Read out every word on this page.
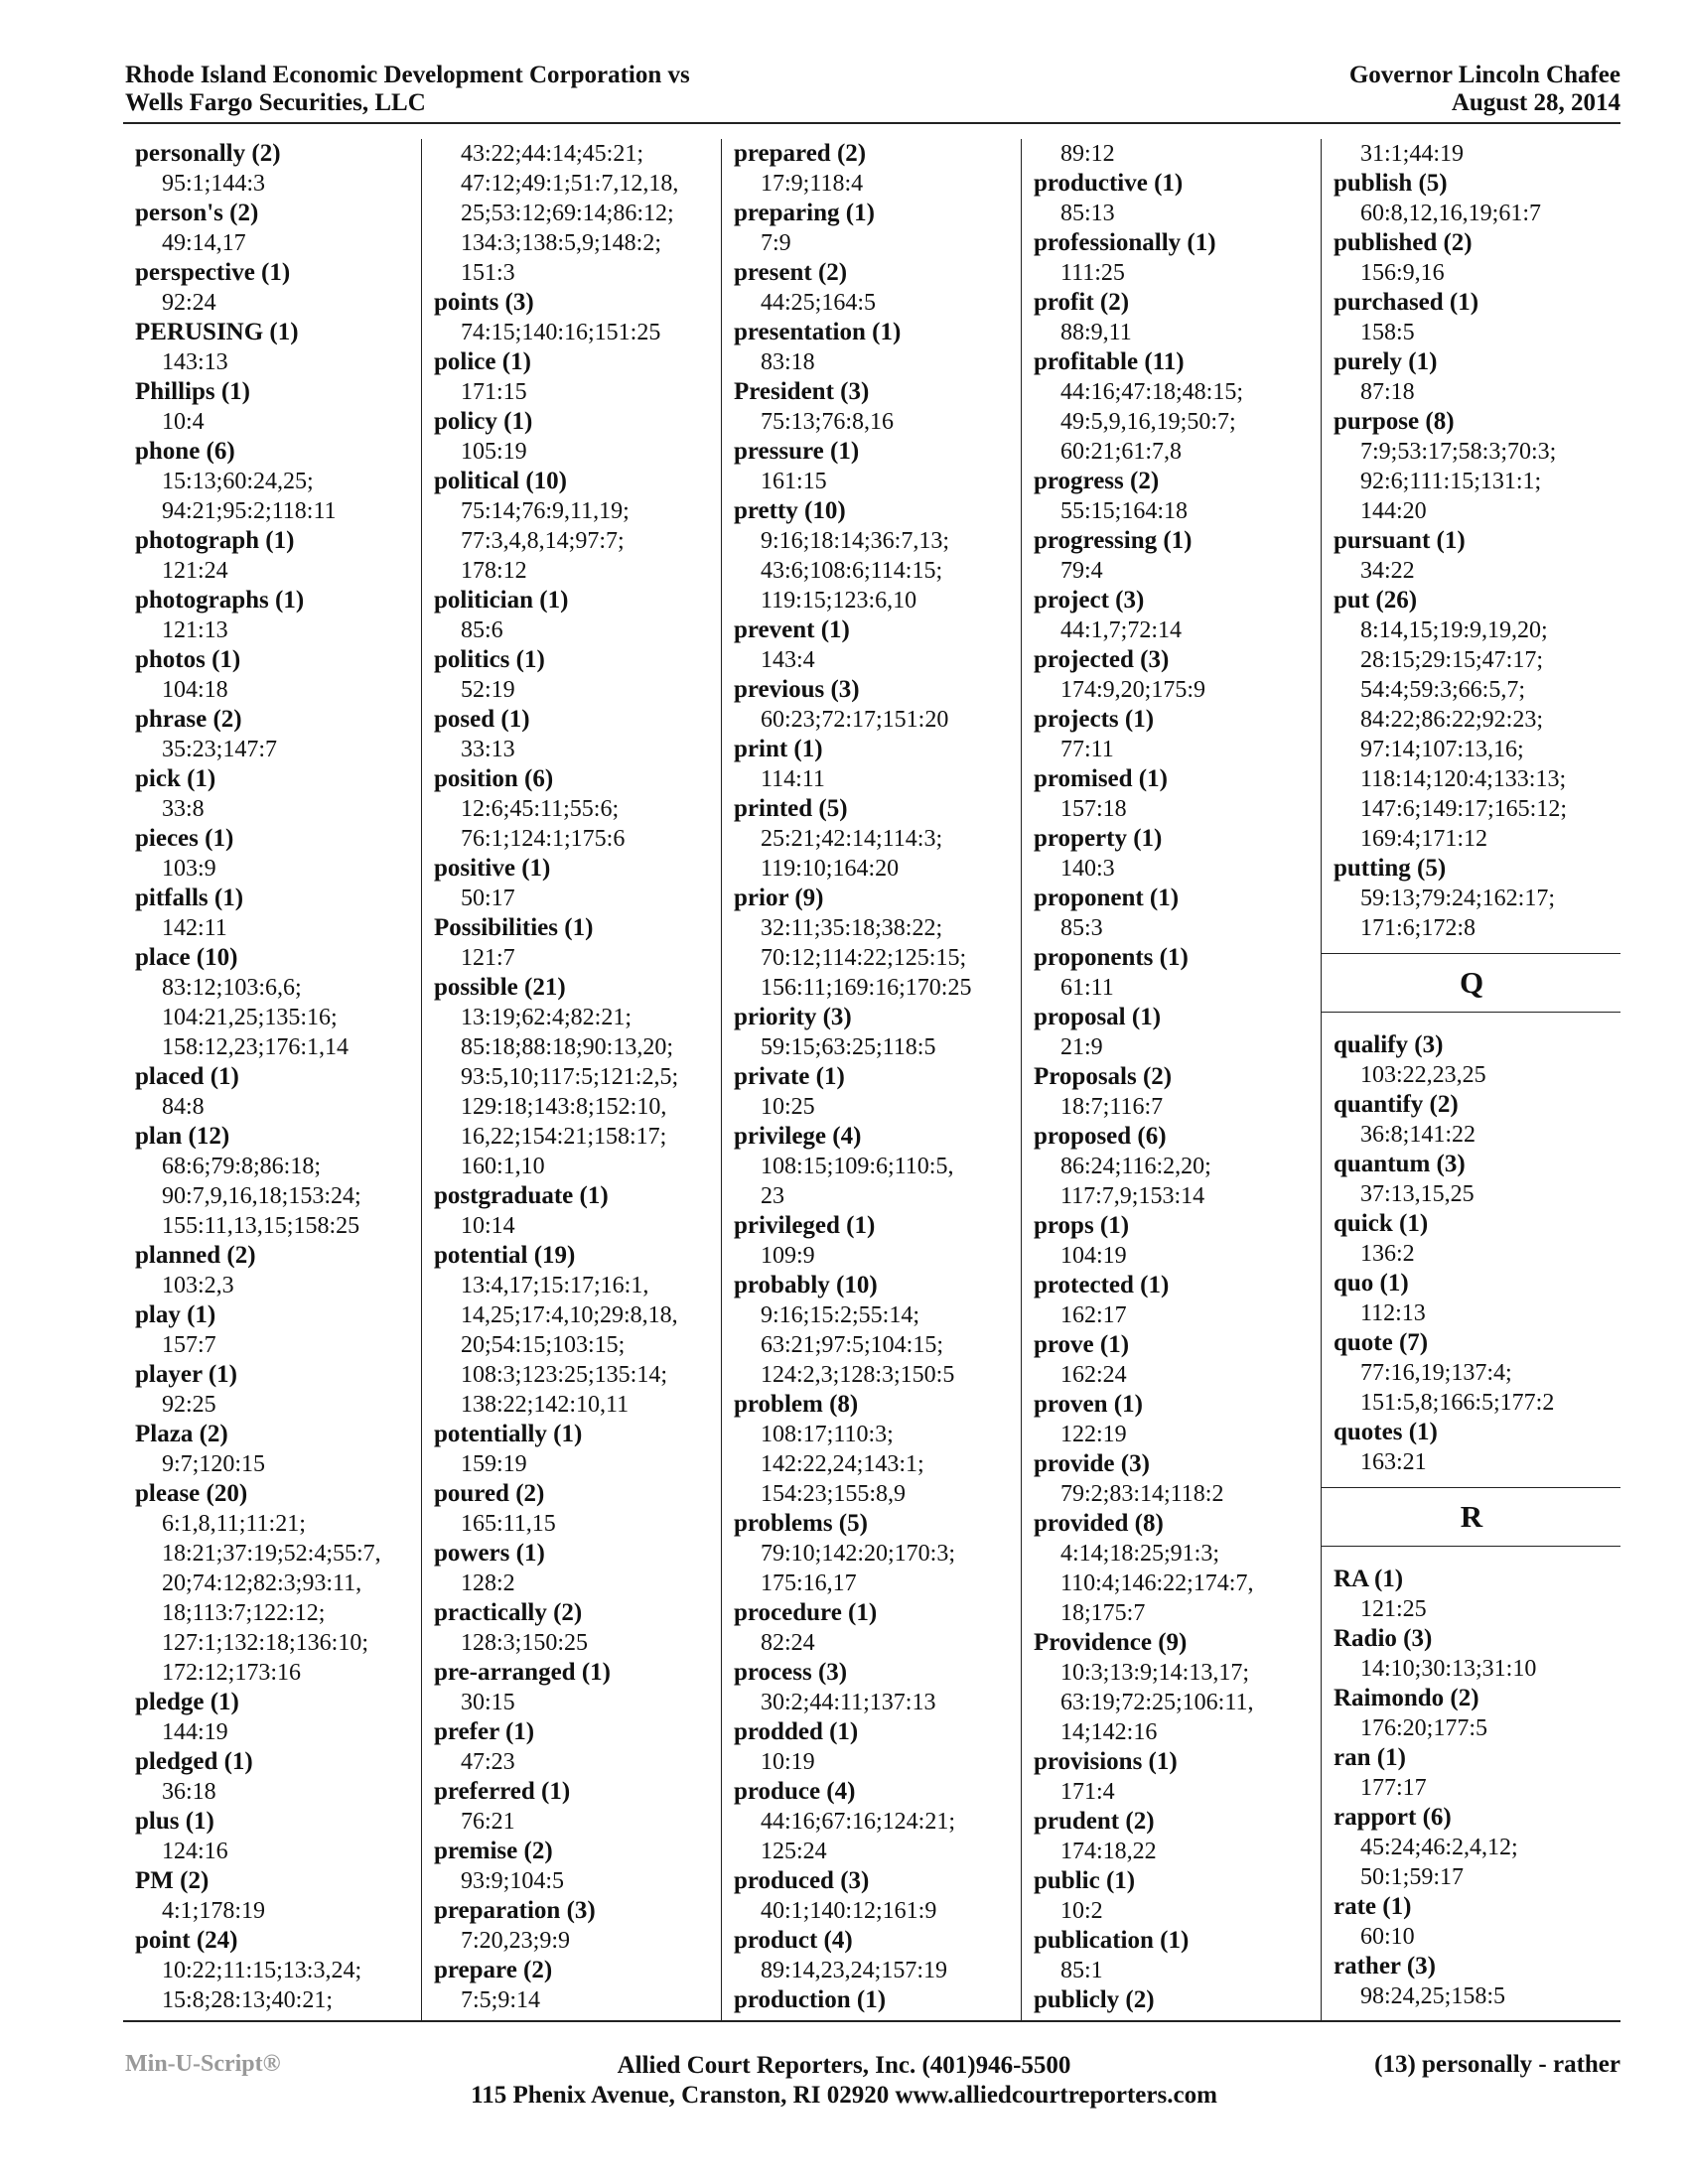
Rhode Island Economic Development Corporation vs
Wells Fargo Securities, LLC
Governor Lincoln Chafee
August 28, 2014
personally (2)
95:1;144:3
person's (2)
49:14,17
perspective (1)
92:24
PERUSING (1)
143:13
Phillips (1)
10:4
phone (6)
15:13;60:24,25;
94:21;95:2;118:11
photograph (1)
121:24
photographs (1)
121:13
photos (1)
104:18
phrase (2)
35:23;147:7
pick (1)
33:8
pieces (1)
103:9
pitfalls (1)
142:11
place (10)
83:12;103:6,6;
104:21,25;135:16;
158:12,23;176:1,14
placed (1)
84:8
plan (12)
68:6;79:8;86:18;
90:7,9,16,18;153:24;
155:11,13,15;158:25
planned (2)
103:2,3
play (1)
157:7
player (1)
92:25
Plaza (2)
9:7;120:15
please (20)
6:1,8,11;11:21;
18:21;37:19;52:4;55:7,
20;74:12;82:3;93:11,
18;113:7;122:12;
127:1;132:18;136:10;
172:12;173:16
pledge (1)
144:19
pledged (1)
36:18
plus (1)
124:16
PM (2)
4:1;178:19
point (24)
10:22;11:15;13:3,24;
15:8;28:13;40:21;
43:22;44:14;45:21;
47:12;49:1;51:7,12,18,
25;53:12;69:14;86:12;
134:3;138:5,9;148:2;
151:3
points (3)
74:15;140:16;151:25
police (1)
171:15
policy (1)
105:19
political (10)
75:14;76:9,11,19;
77:3,4,8,14;97:7;
178:12
politician (1)
85:6
politics (1)
52:19
posed (1)
33:13
position (6)
12:6;45:11;55:6;
76:1;124:1;175:6
positive (1)
50:17
Possibilities (1)
121:7
possible (21)
13:19;62:4;82:21;
85:18;88:18;90:13,20;
93:5,10;117:5;121:2,5;
129:18;143:8;152:10,
16,22;154:21;158:17;
160:1,10
postgraduate (1)
10:14
potential (19)
13:4,17;15:17;16:1,
14,25;17:4,10;29:8,18,
20;54:15;103:15;
108:3;123:25;135:14;
138:22;142:10,11
potentially (1)
159:19
poured (2)
165:11,15
powers (1)
128:2
practically (2)
128:3;150:25
pre-arranged (1)
30:15
prefer (1)
47:23
preferred (1)
76:21
premise (2)
93:9;104:5
preparation (3)
7:20,23;9:9
prepare (2)
7:5;9:14
prepared (2)
17:9;118:4
preparing (1)
7:9
present (2)
44:25;164:5
presentation (1)
83:18
President (3)
75:13;76:8,16
pressure (1)
161:15
pretty (10)
9:16;18:14;36:7,13;
43:6;108:6;114:15;
119:15;123:6,10
prevent (1)
143:4
previous (3)
60:23;72:17;151:20
print (1)
114:11
printed (5)
25:21;42:14;114:3;
119:10;164:20
prior (9)
32:11;35:18;38:22;
70:12;114:22;125:15;
156:11;169:16;170:25
priority (3)
59:15;63:25;118:5
private (1)
10:25
privilege (4)
108:15;109:6;110:5,
23
privileged (1)
109:9
probably (10)
9:16;15:2;55:14;
63:21;97:5;104:15;
124:2,3;128:3;150:5
problem (8)
108:17;110:3;
142:22,24;143:1;
154:23;155:8,9
problems (5)
79:10;142:20;170:3;
175:16,17
procedure (1)
82:24
process (3)
30:2;44:11;137:13
prodded (1)
10:19
produce (4)
44:16;67:16;124:21;
125:24
produced (3)
40:1;140:12;161:9
product (4)
89:14,23,24;157:19
production (1)
89:12
productive (1)
85:13
professionally (1)
111:25
profit (2)
88:9,11
profitable (11)
44:16;47:18;48:15;
49:5,9,16,19;50:7;
60:21;61:7,8
progress (2)
55:15;164:18
progressing (1)
79:4
project (3)
44:1,7;72:14
projected (3)
174:9,20;175:9
projects (1)
77:11
promised (1)
157:18
property (1)
140:3
proponent (1)
85:3
proponents (1)
61:11
proposal (1)
21:9
Proposals (2)
18:7;116:7
proposed (6)
86:24;116:2,20;
117:7,9;153:14
props (1)
104:19
protected (1)
162:17
prove (1)
162:24
proven (1)
122:19
provide (3)
79:2;83:14;118:2
provided (8)
4:14;18:25;91:3;
110:4;146:22;174:7,
18;175:7
Providence (9)
10:3;13:9;14:13,17;
63:19;72:25;106:11,
14;142:16
provisions (1)
171:4
prudent (2)
174:18,22
public (1)
10:2
publication (1)
85:1
publicly (2)
31:1;44:19
publish (5)
60:8,12,16,19;61:7
published (2)
156:9,16
purchased (1)
158:5
purely (1)
87:18
purpose (8)
7:9;53:17;58:3;70:3;
92:6;111:15;131:1;
144:20
pursuant (1)
34:22
put (26)
8:14,15;19:9,19,20;
28:15;29:15;47:17;
54:4;59:3;66:5,7;
84:22;86:22;92:23;
97:14;107:13,16;
118:14;120:4;133:13;
147:6;149:17;165:12;
169:4;171:12
putting (5)
59:13;79:24;162:17;
171:6;172:8
Q
qualify (3)
103:22,23,25
quantify (2)
36:8;141:22
quantum (3)
37:13,15,25
quick (1)
136:2
quo (1)
112:13
quote (7)
77:16,19;137:4;
151:5,8;166:5;177:2
quotes (1)
163:21
R
RA (1)
121:25
Radio (3)
14:10;30:13;31:10
Raimondo (2)
176:20;177:5
ran (1)
177:17
rapport (6)
45:24;46:2,4,12;
50:1;59:17
rate (1)
60:10
rather (3)
98:24,25;158:5
Min-U-Script®	Allied Court Reporters, Inc. (401)946-5500
115 Phenix Avenue, Cranston, RI 02920 www.alliedcourtreporters.com
(13) personally - rather
